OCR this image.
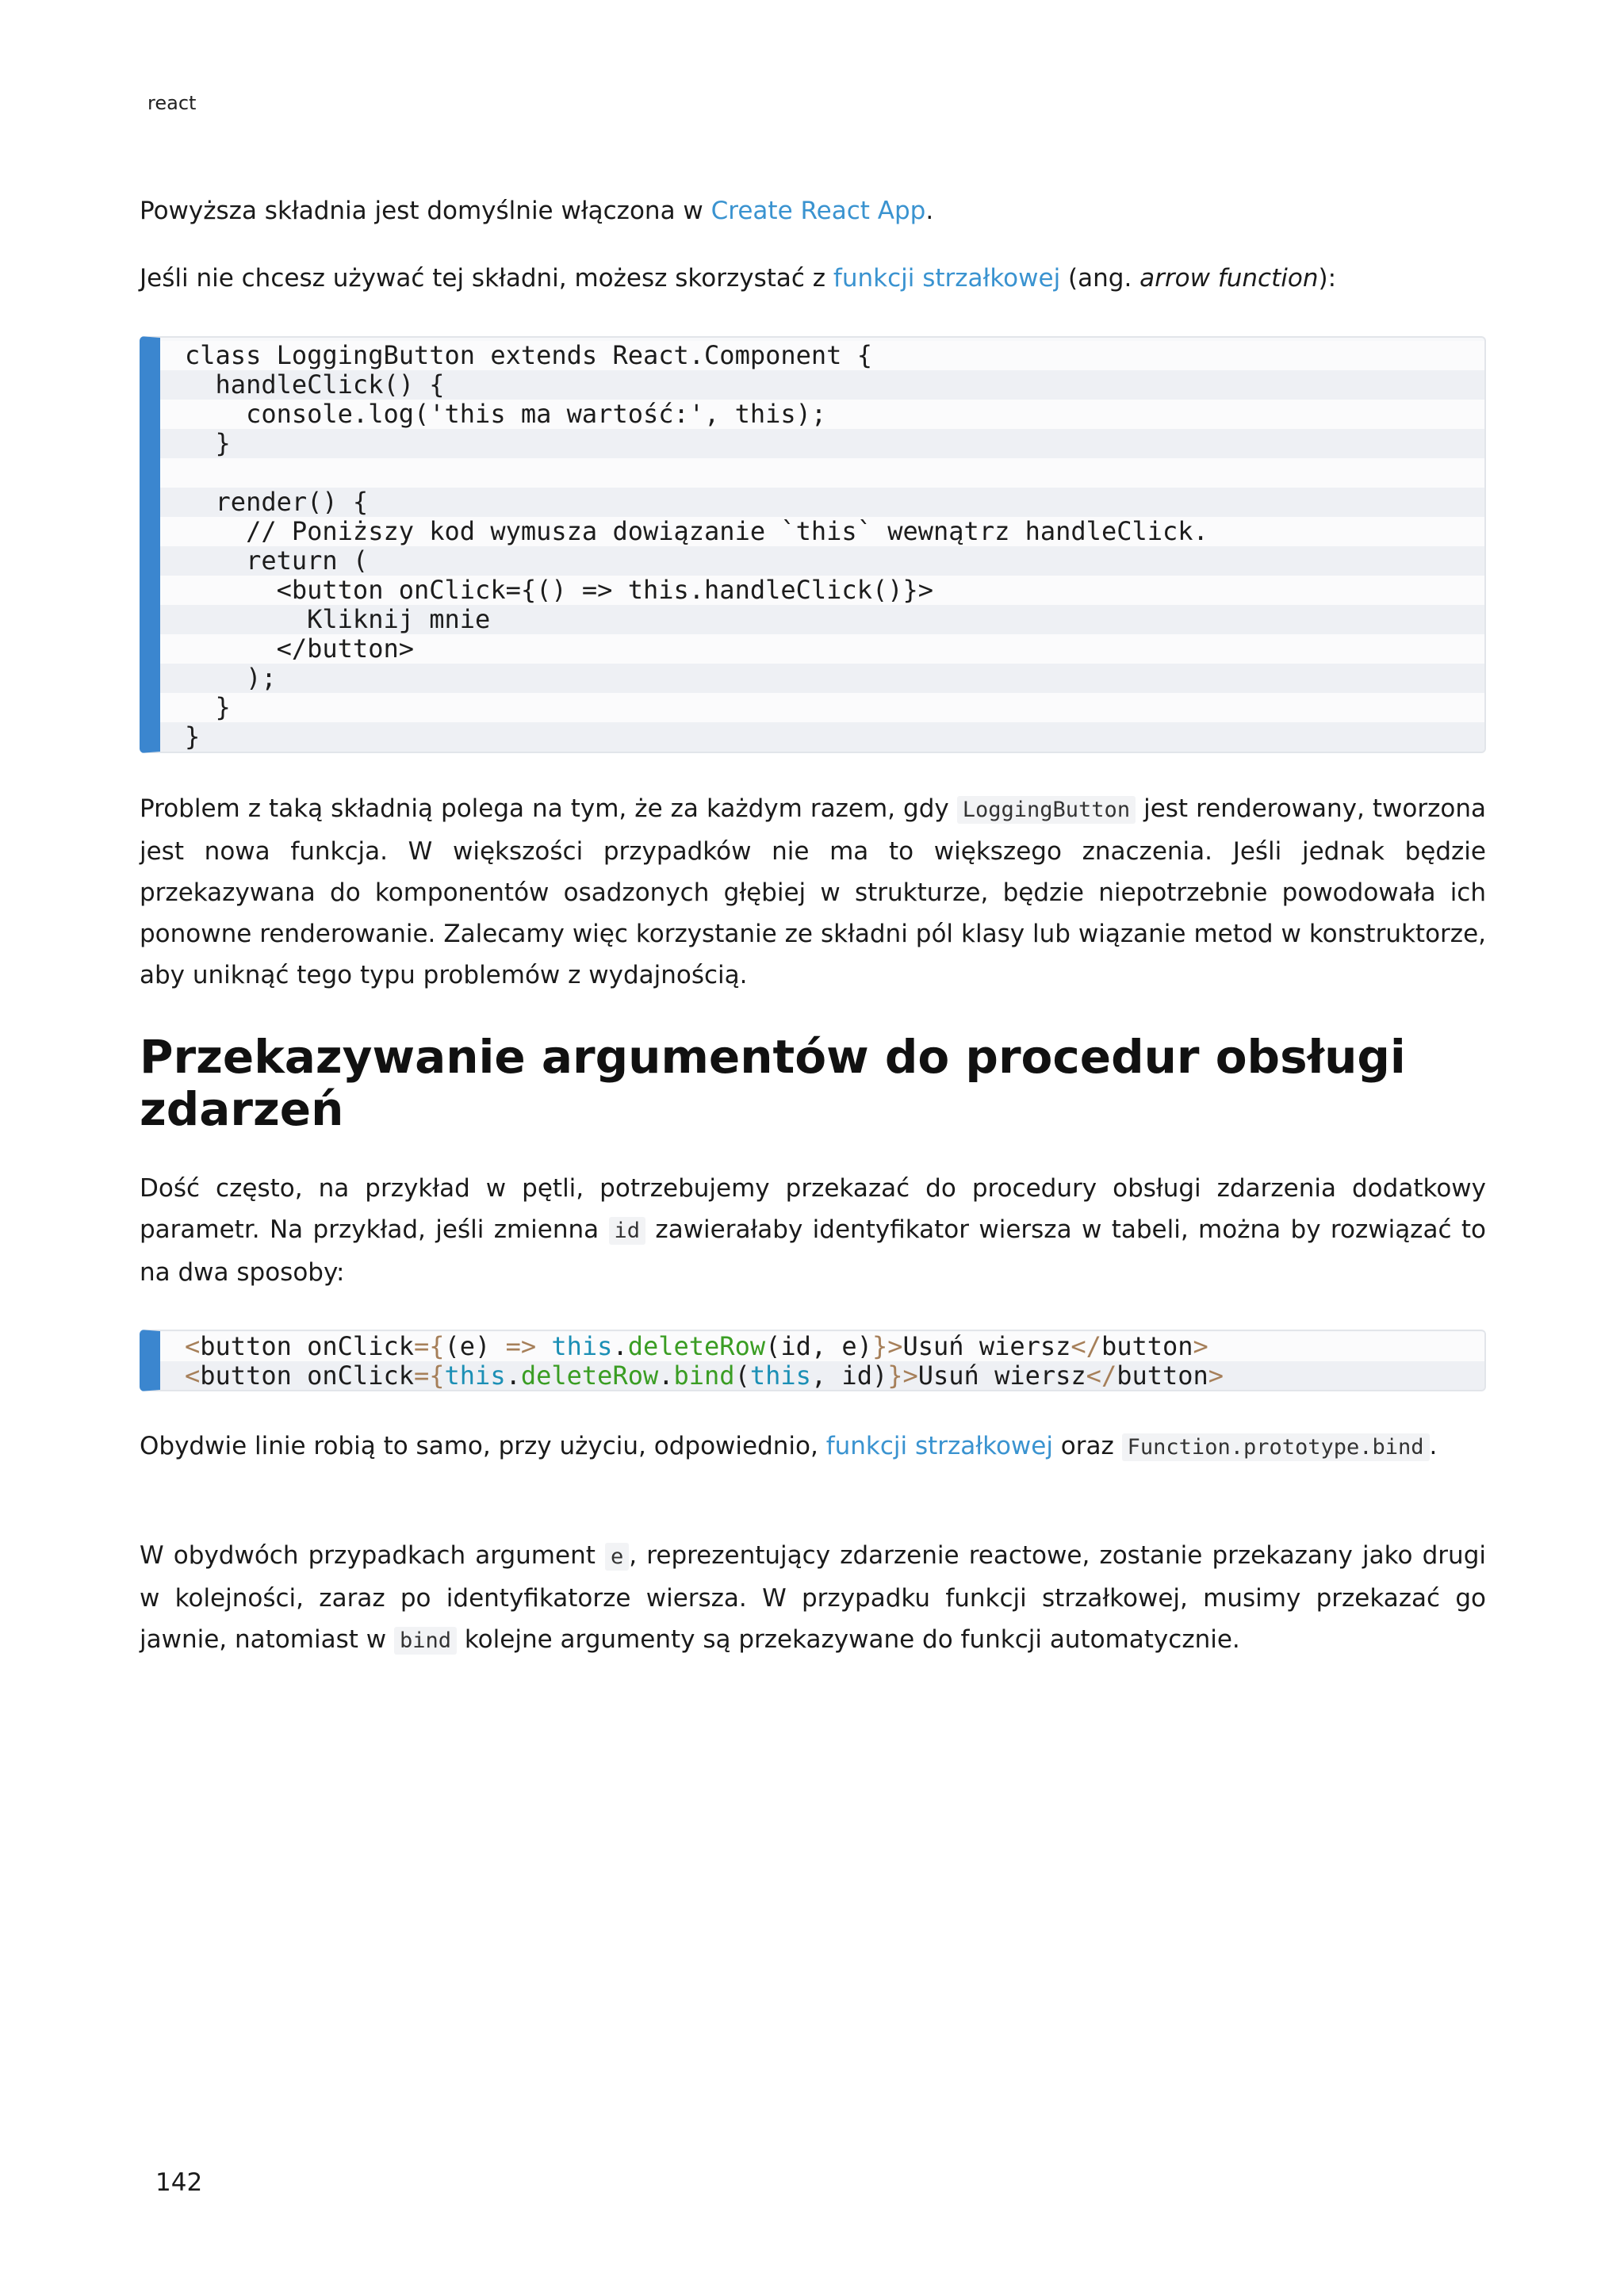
react

Powyższa składnia jest domyślnie włączona w Create React App.

Jeśli nie chcesz używać tej składni, możesz skorzystać z funkcji strzałkowej (ang. arrow function):

class LoggingButton extends React.Component {
handleClick() {
console.log('this ma wartość:', this);
}
render() {
// Poniższy kod wymusza dowiązanie `this` wewnątrz handleClick.
return (
<button onClick={() => this.handleClick()}>
Kliknij mnie
</button>
);
}
}

Problem z taką składnią polega na tym, że za każdym razem, gdy LoggingButton jest renderowany, tworzona jest nowa funkcja. W większości przypadków nie ma to większego znaczenia. Jeśli jednak będzie przekazywana do komponentów osadzonych głębiej w strukturze, będzie niepotrzebnie powodowała ich ponowne renderowanie. Zalecamy więc korzystanie ze składni pól klasy lub wiązanie metod w konstruktorze, aby uniknąć tego typu problemów z wydajnością.

Przekazywanie argumentów do procedur obsługi zdarzeń

Dość często, na przykład w pętli, potrzebujemy przekazać do procedury obsługi zdarzenia dodatkowy parametr. Na przykład, jeśli zmienna id zawierałaby identyfikator wiersza w tabeli, można by rozwiązać to na dwa sposoby:

<button onClick={(e) => this.deleteRow(id, e)}>Usuń wiersz</button>
<button onClick={this.deleteRow.bind(this, id)}>Usuń wiersz</button>

Obydwie linie robią to samo, przy użyciu, odpowiednio, funkcji strzałkowej oraz Function.prototype.bind .

W obydwóch przypadkach argument e , reprezentujący zdarzenie reactowe, zostanie przekazany jako drugi w kolejności, zaraz po identyfikatorze wiersza. W przypadku funkcji strzałkowej, musimy przekazać go jawnie, natomiast w bind kolejne argumenty są przekazywane do funkcji automatycznie.

142
